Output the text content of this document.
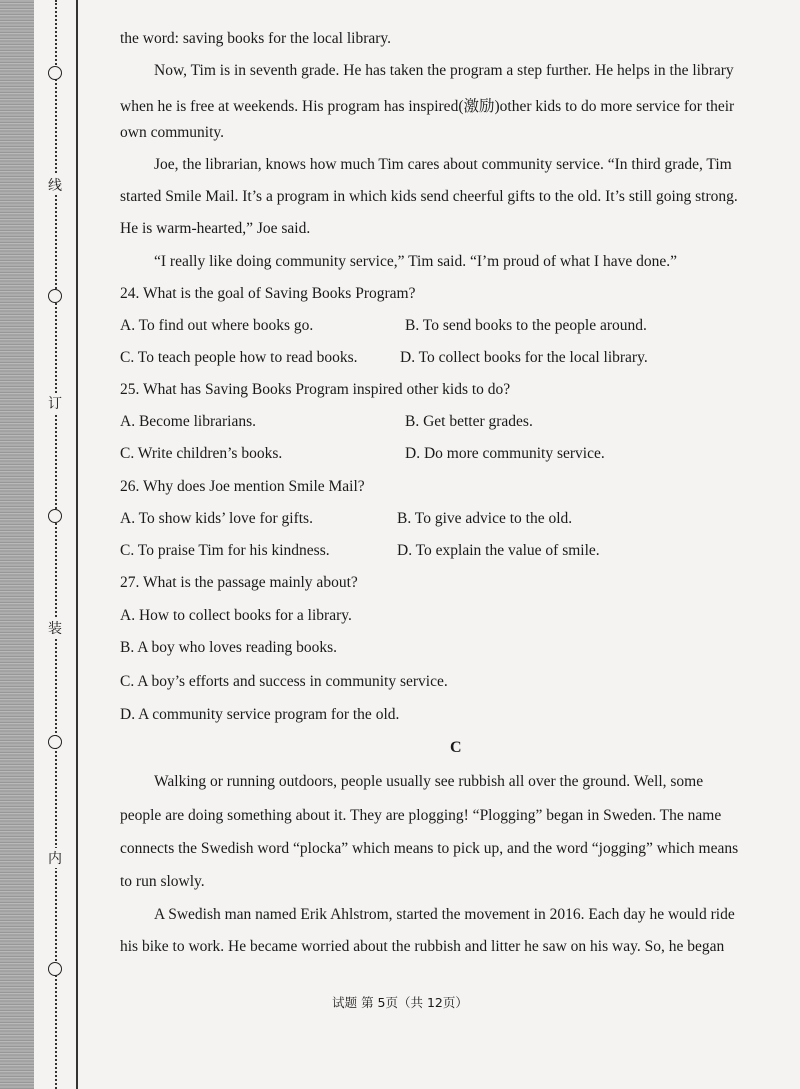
线
订
装
内
the word: saving books for the local library.
Now, Tim is in seventh grade. He has taken the program a step further. He helps in the library
when he is free at weekends. His program has inspired(激励)other kids to do more service for their
own community.
Joe, the librarian, knows how much Tim cares about community service. “In third grade, Tim
started Smile Mail. It’s a program in which kids send cheerful gifts to the old. It’s still going strong.
He is warm-hearted,” Joe said.
“I really like doing community service,” Tim said. “I’m proud of what I have done.”
24. What is the goal of Saving Books Program?
A. To find out where books go.	B. To send books to the people around.
C. To teach people how to read books.	D. To collect books for the local library.
25. What has Saving Books Program inspired other kids to do?
A. Become librarians.	B. Get better grades.
C. Write children’s books.	D. Do more community service.
26. Why does Joe mention Smile Mail?
A. To show kids’ love for gifts.	B. To give advice to the old.
C. To praise Tim for his kindness.	D. To explain the value of smile.
27. What is the passage mainly about?
A. How to collect books for a library.
B. A boy who loves reading books.
C. A boy’s efforts and success in community service.
D. A community service program for the old.
C
Walking or running outdoors, people usually see rubbish all over the ground. Well, some
people are doing something about it. They are plogging! “Plogging” began in Sweden. The name
connects the Swedish word “plocka” which means to pick up, and the word “jogging” which means
to run slowly.
A Swedish man named Erik Ahlstrom, started the movement in 2016. Each day he would ride
his bike to work. He became worried about the rubbish and litter he saw on his way. So, he began
试题 第 5页（共 12页）
